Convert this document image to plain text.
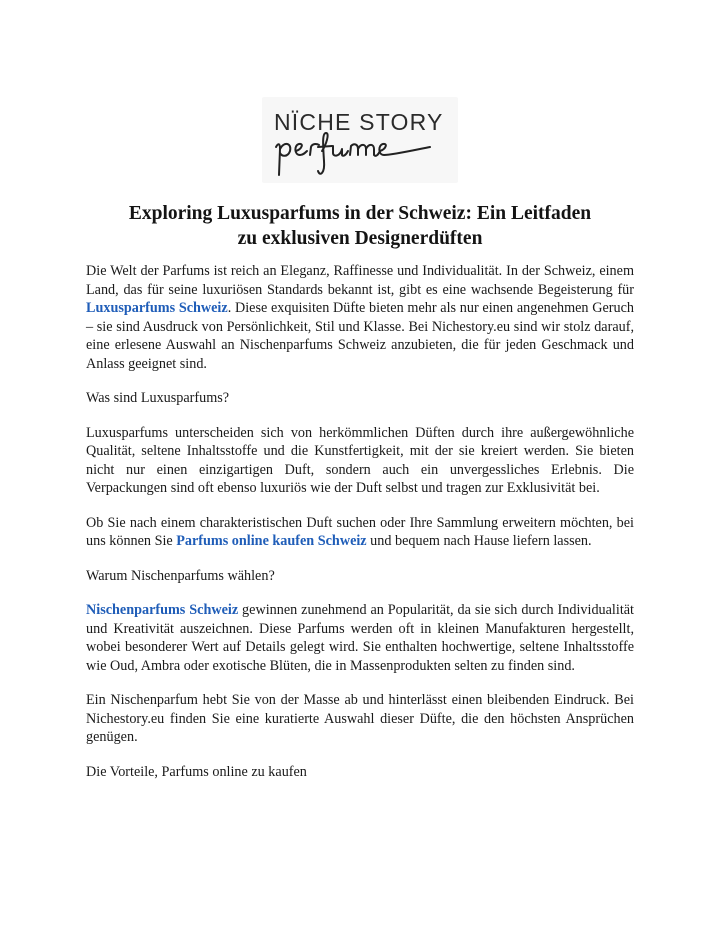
NÏCHE STORY
Exploring Luxusparfums in der Schweiz: Ein Leitfaden
zu exklusiven Designerdüften

Die Welt der Parfums ist reich an Eleganz, Raffinesse und Individualität. In der Schweiz, einem Land, das für seine luxuriösen Standards bekannt ist, gibt es eine wachsende Begeisterung für Luxusparfums Schweiz. Diese exquisiten Düfte bieten mehr als nur einen angenehmen Geruch – sie sind Ausdruck von Persönlichkeit, Stil und Klasse. Bei Nichestory.eu sind wir stolz darauf, eine erlesene Auswahl an Nischenparfums Schweiz anzubieten, die für jeden Geschmack und Anlass geeignet sind.

Was sind Luxusparfums?

Luxusparfums unterscheiden sich von herkömmlichen Düften durch ihre außergewöhnliche Qualität, seltene Inhaltsstoffe und die Kunstfertigkeit, mit der sie kreiert werden. Sie bieten nicht nur einen einzigartigen Duft, sondern auch ein unvergessliches Erlebnis. Die Verpackungen sind oft ebenso luxuriös wie der Duft selbst und tragen zur Exklusivität bei.

Ob Sie nach einem charakteristischen Duft suchen oder Ihre Sammlung erweitern möchten, bei uns können Sie Parfums online kaufen Schweiz und bequem nach Hause liefern lassen.

Warum Nischenparfums wählen?

Nischenparfums Schweiz gewinnen zunehmend an Popularität, da sie sich durch Individualität und Kreativität auszeichnen. Diese Parfums werden oft in kleinen Manufakturen hergestellt, wobei besonderer Wert auf Details gelegt wird. Sie enthalten hochwertige, seltene Inhaltsstoffe wie Oud, Ambra oder exotische Blüten, die in Massenprodukten selten zu finden sind.

Ein Nischenparfum hebt Sie von der Masse ab und hinterlässt einen bleibenden Eindruck. Bei Nichestory.eu finden Sie eine kuratierte Auswahl dieser Düfte, die den höchsten Ansprüchen genügen.

Die Vorteile, Parfums online zu kaufen
